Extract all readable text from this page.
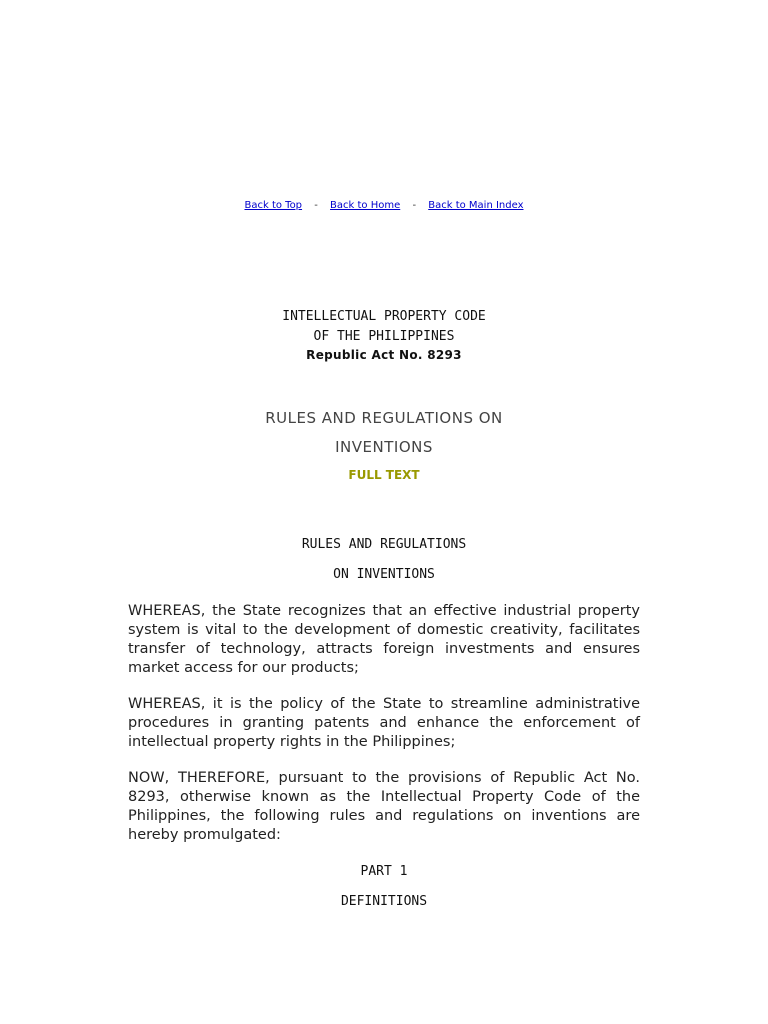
Back to Top - Back to Home - Back to Main Index
INTELLECTUAL PROPERTY CODE
OF THE PHILIPPINES
Republic Act No. 8293
RULES AND REGULATIONS ON
INVENTIONS
FULL TEXT
RULES AND REGULATIONS
ON INVENTIONS

WHEREAS, the State recognizes that an effective industrial property system is vital to the development of domestic creativity, facilitates transfer of technology, attracts foreign investments and ensures market access for our products;

WHEREAS, it is the policy of the State to streamline administrative procedures in granting patents and enhance the enforcement of intellectual property rights in the Philippines;

NOW, THEREFORE, pursuant to the provisions of Republic Act No. 8293, otherwise known as the Intellectual Property Code of the Philippines, the following rules and regulations on inventions are hereby promulgated:

PART 1
DEFINITIONS
